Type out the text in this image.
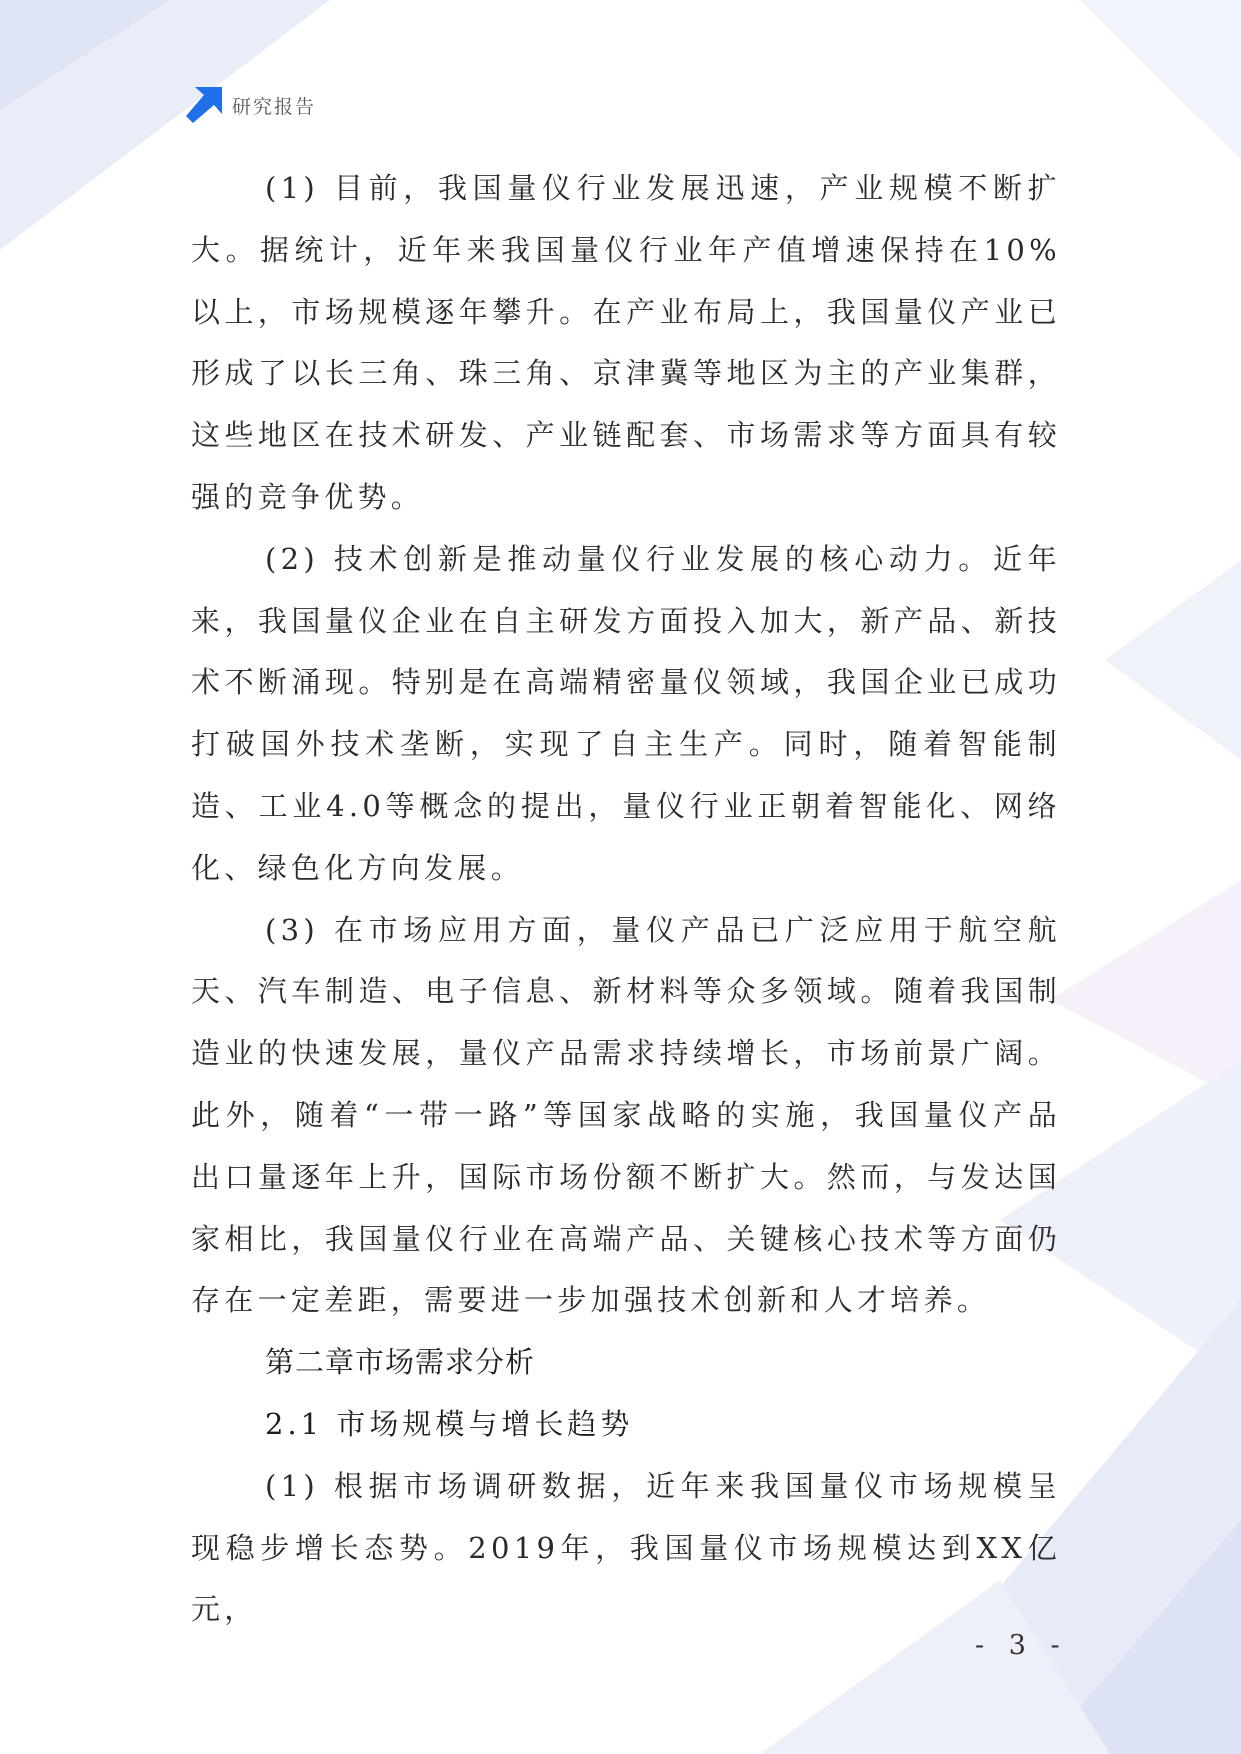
研究报告

(1) 目前，我国量仪行业发展迅速，产业规模不断扩大。据统计，近年来我国量仪行业年产值增速保持在10%以上，市场规模逐年攀升。在产业布局上，我国量仪产业已形成了以长三角、珠三角、京津冀等地区为主的产业集群，这些地区在技术研发、产业链配套、市场需求等方面具有较强的竞争优势。

(2) 技术创新是推动量仪行业发展的核心动力。近年来，我国量仪企业在自主研发方面投入加大，新产品、新技术不断涌现。特别是在高端精密量仪领域，我国企业已成功打破国外技术垄断，实现了自主生产。同时，随着智能制造、工业4.0等概念的提出，量仪行业正朝着智能化、网络化、绿色化方向发展。

(3) 在市场应用方面，量仪产品已广泛应用于航空航天、汽车制造、电子信息、新材料等众多领域。随着我国制造业的快速发展，量仪产品需求持续增长，市场前景广阔。此外，随着“一带一路”等国家战略的实施，我国量仪产品出口量逐年上升，国际市场份额不断扩大。然而，与发达国家相比，我国量仪行业在高端产品、关键核心技术等方面仍存在一定差距，需要进一步加强技术创新和人才培养。

第二章市场需求分析

2.1 市场规模与增长趋势

(1) 根据市场调研数据，近年来我国量仪市场规模呈现稳步增长态势。2019年，我国量仪市场规模达到XX亿元，

- 3 -
